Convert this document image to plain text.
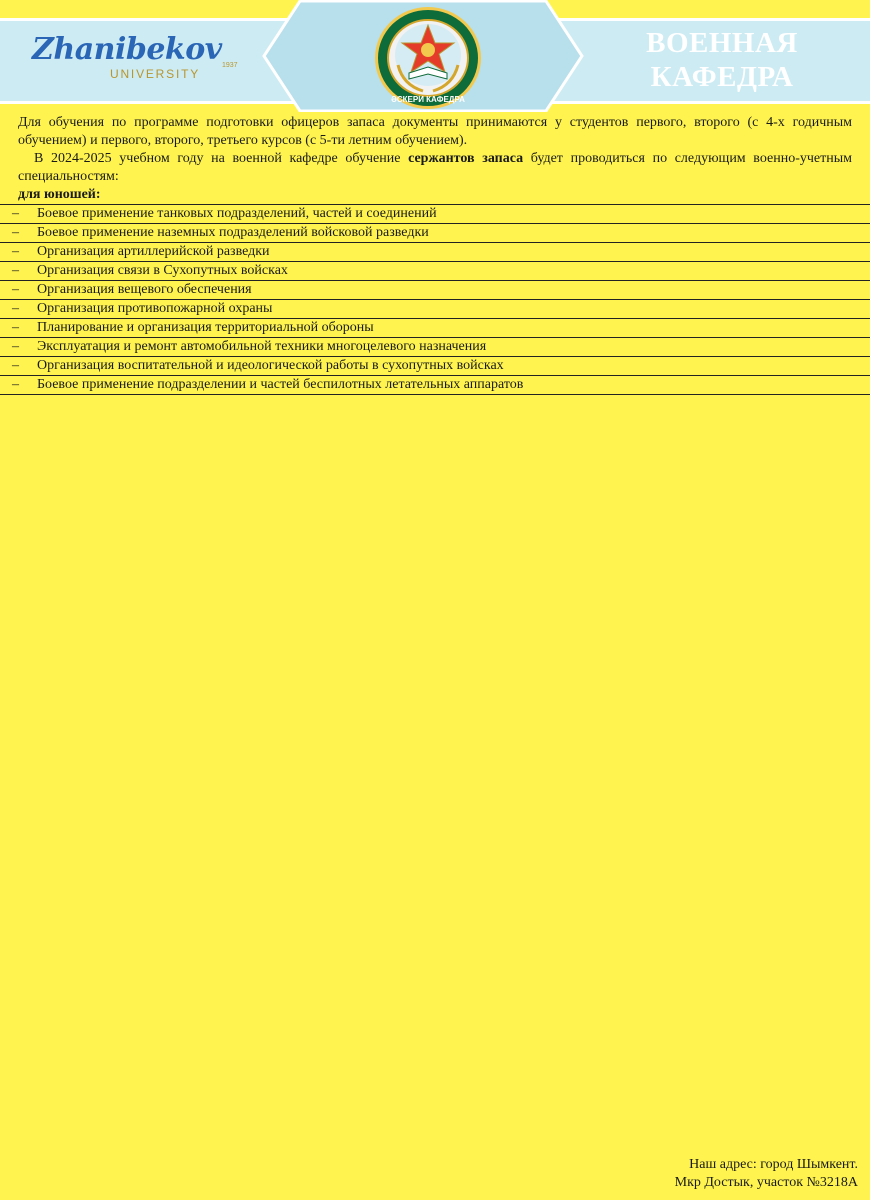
Zhanibekov
UNIVERSITY
1937
ӘСКЕРИ КАФЕДРА
ВОЕННАЯ
КАФЕДРА

Для обучения по программе подготовки офицеров запаса документы принимаются у студентов первого, второго (с 4-х годичным обучением) и первого, второго, третьего курсов (с 5-ти летним обучением).

В 2024-2025 учебном году на военной кафедре обучение сержантов запаса будет проводиться по следующим военно-учетным специальностям:

для юношей:
– Боевое применение танковых подразделений, частей и соединений
– Боевое применение наземных подразделений войсковой разведки
– Организация артиллерийской разведки
– Организация связи в Сухопутных войсках
– Организация вещевого обеспечения
– Организация противопожарной охраны
– Планирование и организация территориальной обороны
– Эксплуатация и ремонт автомобильной техники многоцелевого назначения
– Организация воспитательной и идеологической работы в сухопутных войсках
– Боевое применение подразделении и частей беспилотных летательных аппаратов
Наш адрес: город Шымкент.
Мкр Достык, участок №3218А
